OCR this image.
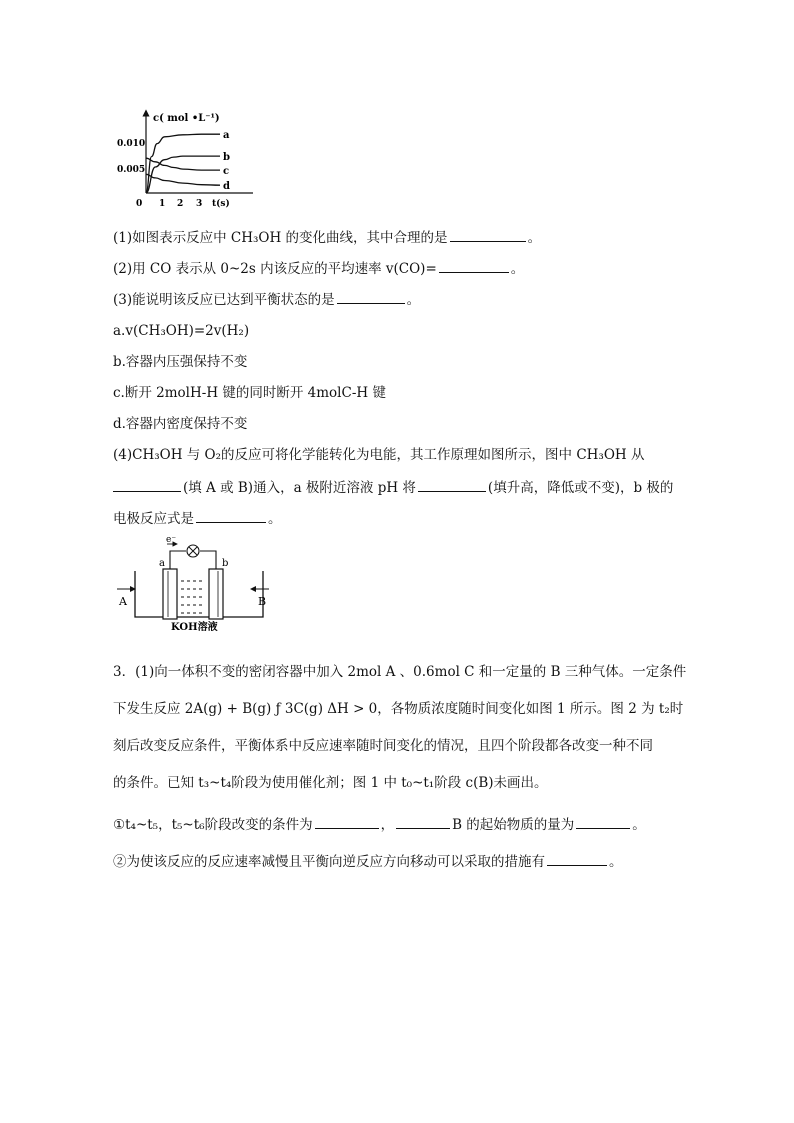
c( mol •L⁻¹)
0.010
0.005
0 1 2 3 t(s)
a
b
c
d
(1)如图表示反应中 CH₃OH 的变化曲线，其中合理的是	。
(2)用 CO 表示从 0~2s 内该反应的平均速率 v(CO)=	。
(3)能说明该反应已达到平衡状态的是	。
a.v(CH₃OH)=2v(H₂)
b.容器内压强保持不变
c.断开 2molH-H 键的同时断开 4molC-H 键
d.容器内密度保持不变
(4)CH₃OH 与 O₂的反应可将化学能转化为电能，其工作原理如图所示，图中 CH₃OH 从
(填 A 或 B)通入，a 极附近溶液 pH 将	(填升高，降低或不变)，b 极的
电极反应式是	。
e⁻
a	b
A	B
KOH溶液
3．(1)向一体积不变的密闭容器中加入 2mol A 、0.6mol C 和一定量的 B 三种气体。一定条件
下发生反应 2A(g) + B(g) ƒ 3C(g) ΔH > 0，各物质浓度随时间变化如图 1 所示。图 2 为 t₂时
刻后改变反应条件，平衡体系中反应速率随时间变化的情况，且四个阶段都各改变一种不同
的条件。已知 t₃~t₄阶段为使用催化剂；图 1 中 t₀~t₁阶段 c(B)未画出。
①t₄~t₅，t₅~t₆阶段改变的条件为	，	B 的起始物质的量为	。
②为使该反应的反应速率减慢且平衡向逆反应方向移动可以采取的措施有	。
